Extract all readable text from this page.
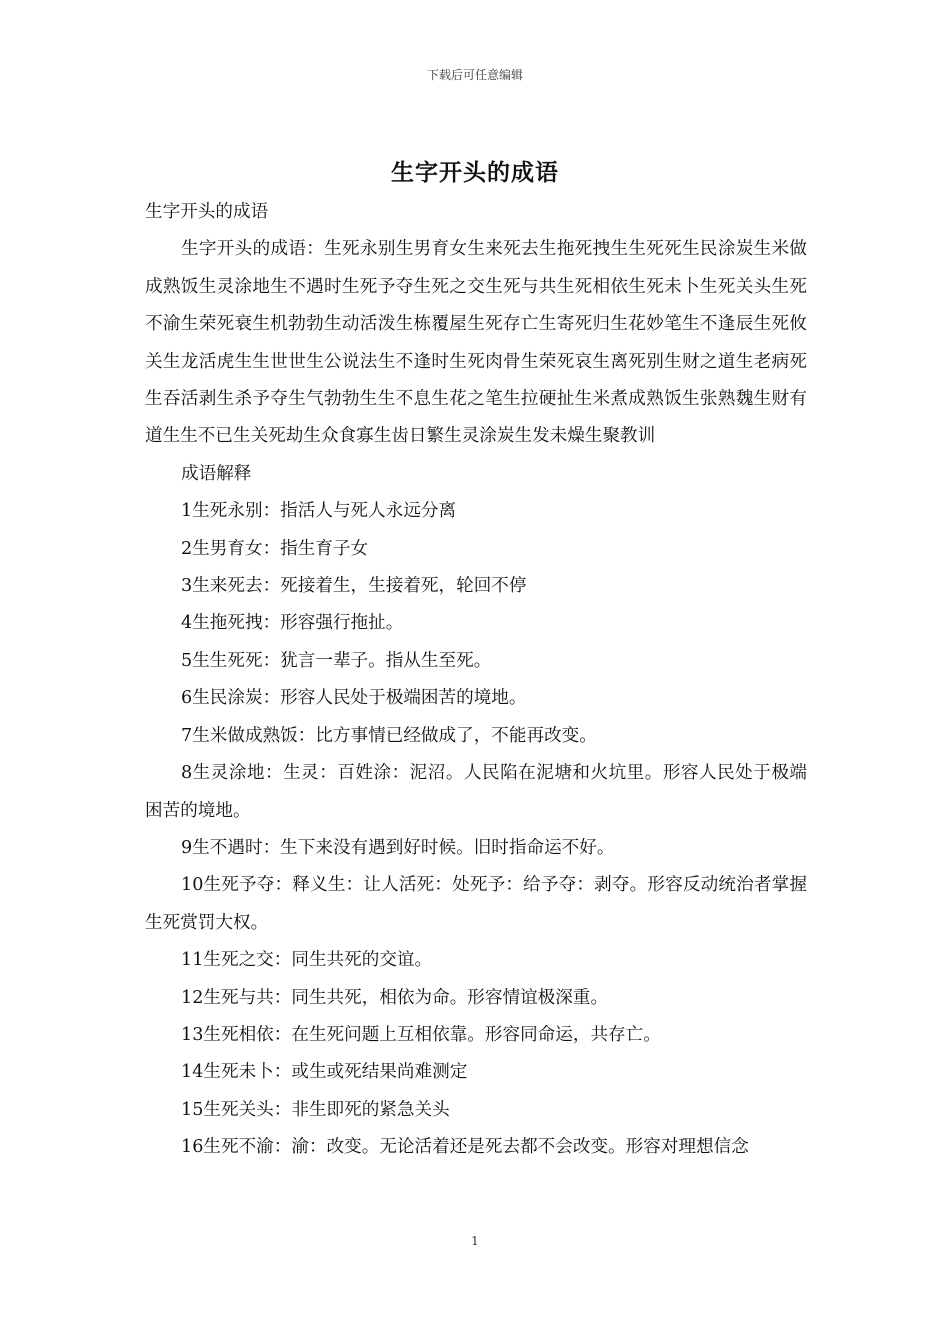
下载后可任意编辑
生字开头的成语

生字开头的成语

生字开头的成语：生死永别生男育女生来死去生拖死拽生生死死生民涂炭生米做成熟饭生灵涂地生不遇时生死予夺生死之交生死与共生死相依生死未卜生死关头生死不渝生荣死衰生机勃勃生动活泼生栋覆屋生死存亡生寄死归生花妙笔生不逢辰生死攸关生龙活虎生生世世生公说法生不逢时生死肉骨生荣死哀生离死别生财之道生老病死生吞活剥生杀予夺生气勃勃生生不息生花之笔生拉硬扯生米煮成熟饭生张熟魏生财有道生生不已生关死劫生众食寡生齿日繁生灵涂炭生发未燥生聚教训

成语解释

1生死永别：指活人与死人永远分离

2生男育女：指生育子女

3生来死去：死接着生，生接着死，轮回不停

4生拖死拽：形容强行拖扯。

5生生死死：犹言一辈子。指从生至死。

6生民涂炭：形容人民处于极端困苦的境地。

7生米做成熟饭：比方事情已经做成了，不能再改变。

8生灵涂地：生灵：百姓涂：泥沼。人民陷在泥塘和火坑里。形容人民处于极端困苦的境地。

9生不遇时：生下来没有遇到好时候。旧时指命运不好。

10生死予夺：释义生：让人活死：处死予：给予夺：剥夺。形容反动统治者掌握生死赏罚大权。

11生死之交：同生共死的交谊。

12生死与共：同生共死，相依为命。形容情谊极深重。

13生死相依：在生死问题上互相依靠。形容同命运，共存亡。

14生死未卜：或生或死结果尚难测定

15生死关头：非生即死的紧急关头

16生死不渝：渝：改变。无论活着还是死去都不会改变。形容对理想信念

1
